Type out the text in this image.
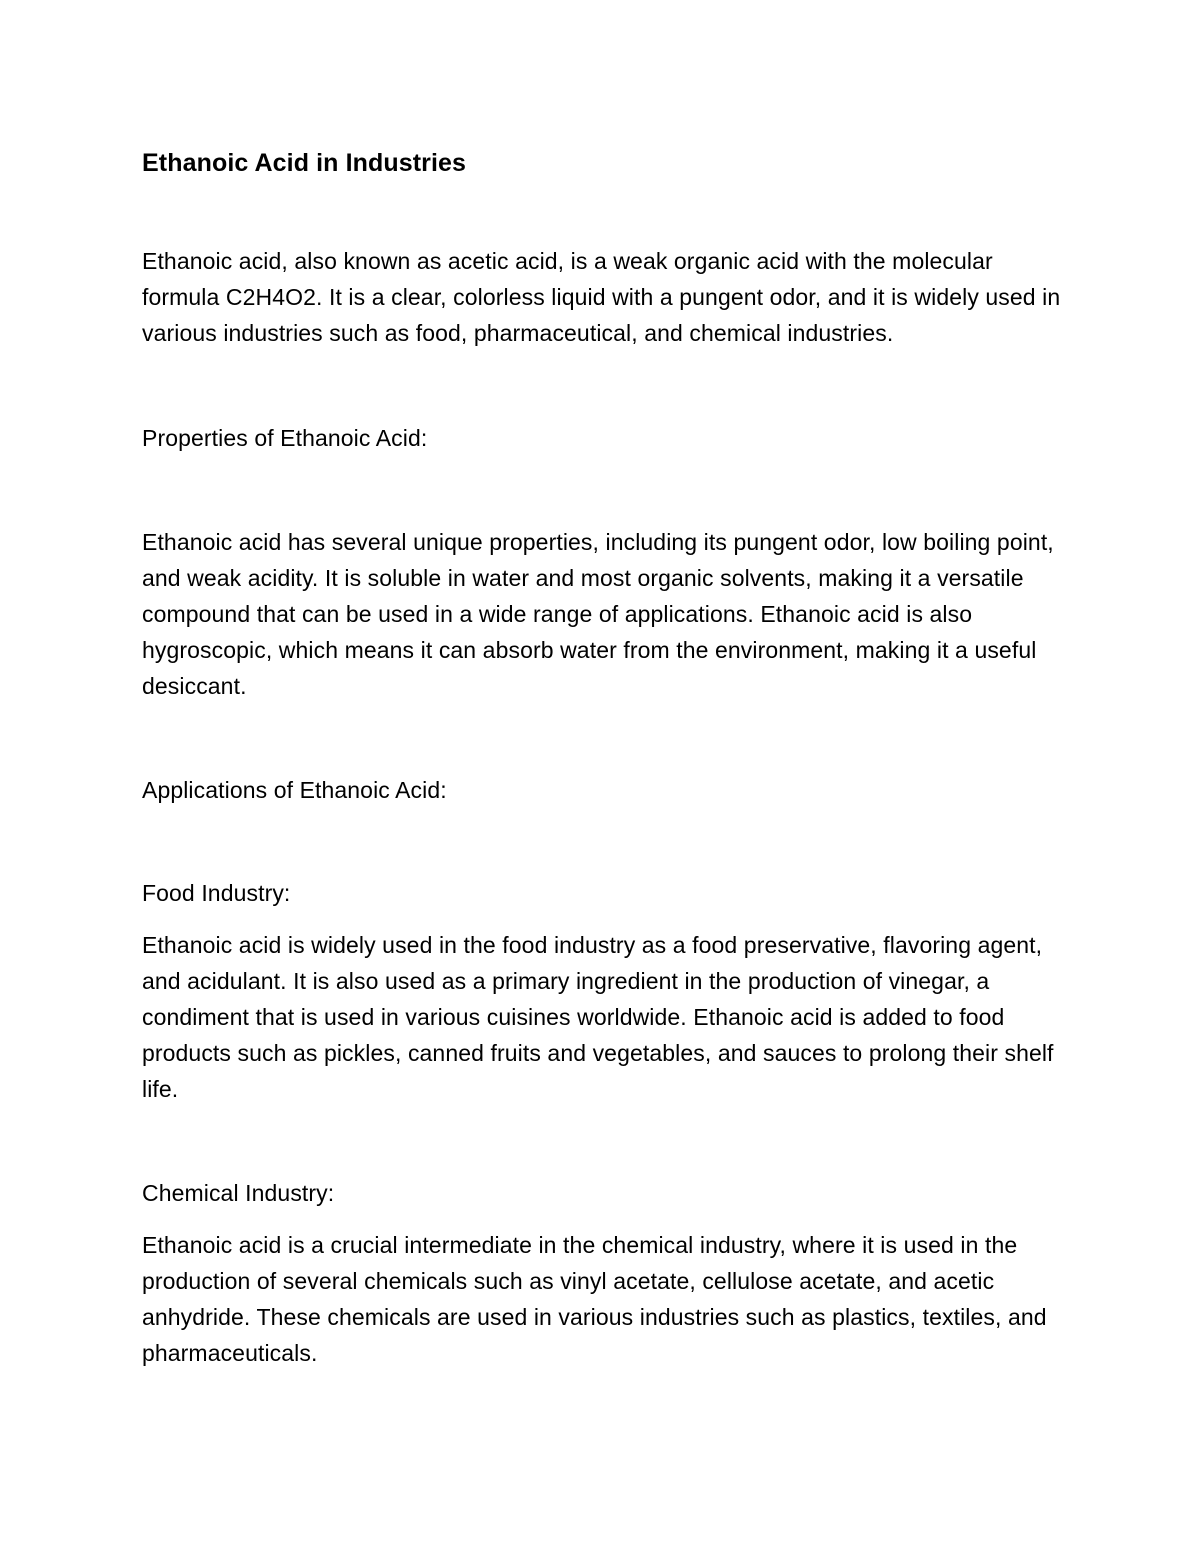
Ethanoic Acid in Industries

Ethanoic acid, also known as acetic acid, is a weak organic acid with the molecular formula C2H4O2. It is a clear, colorless liquid with a pungent odor, and it is widely used in various industries such as food, pharmaceutical, and chemical industries.

Properties of Ethanoic Acid:

Ethanoic acid has several unique properties, including its pungent odor, low boiling point, and weak acidity. It is soluble in water and most organic solvents, making it a versatile compound that can be used in a wide range of applications. Ethanoic acid is also hygroscopic, which means it can absorb water from the environment, making it a useful desiccant.

Applications of Ethanoic Acid:

Food Industry:

Ethanoic acid is widely used in the food industry as a food preservative, flavoring agent, and acidulant. It is also used as a primary ingredient in the production of vinegar, a condiment that is used in various cuisines worldwide. Ethanoic acid is added to food products such as pickles, canned fruits and vegetables, and sauces to prolong their shelf life.

Chemical Industry:

Ethanoic acid is a crucial intermediate in the chemical industry, where it is used in the production of several chemicals such as vinyl acetate, cellulose acetate, and acetic anhydride. These chemicals are used in various industries such as plastics, textiles, and pharmaceuticals.
